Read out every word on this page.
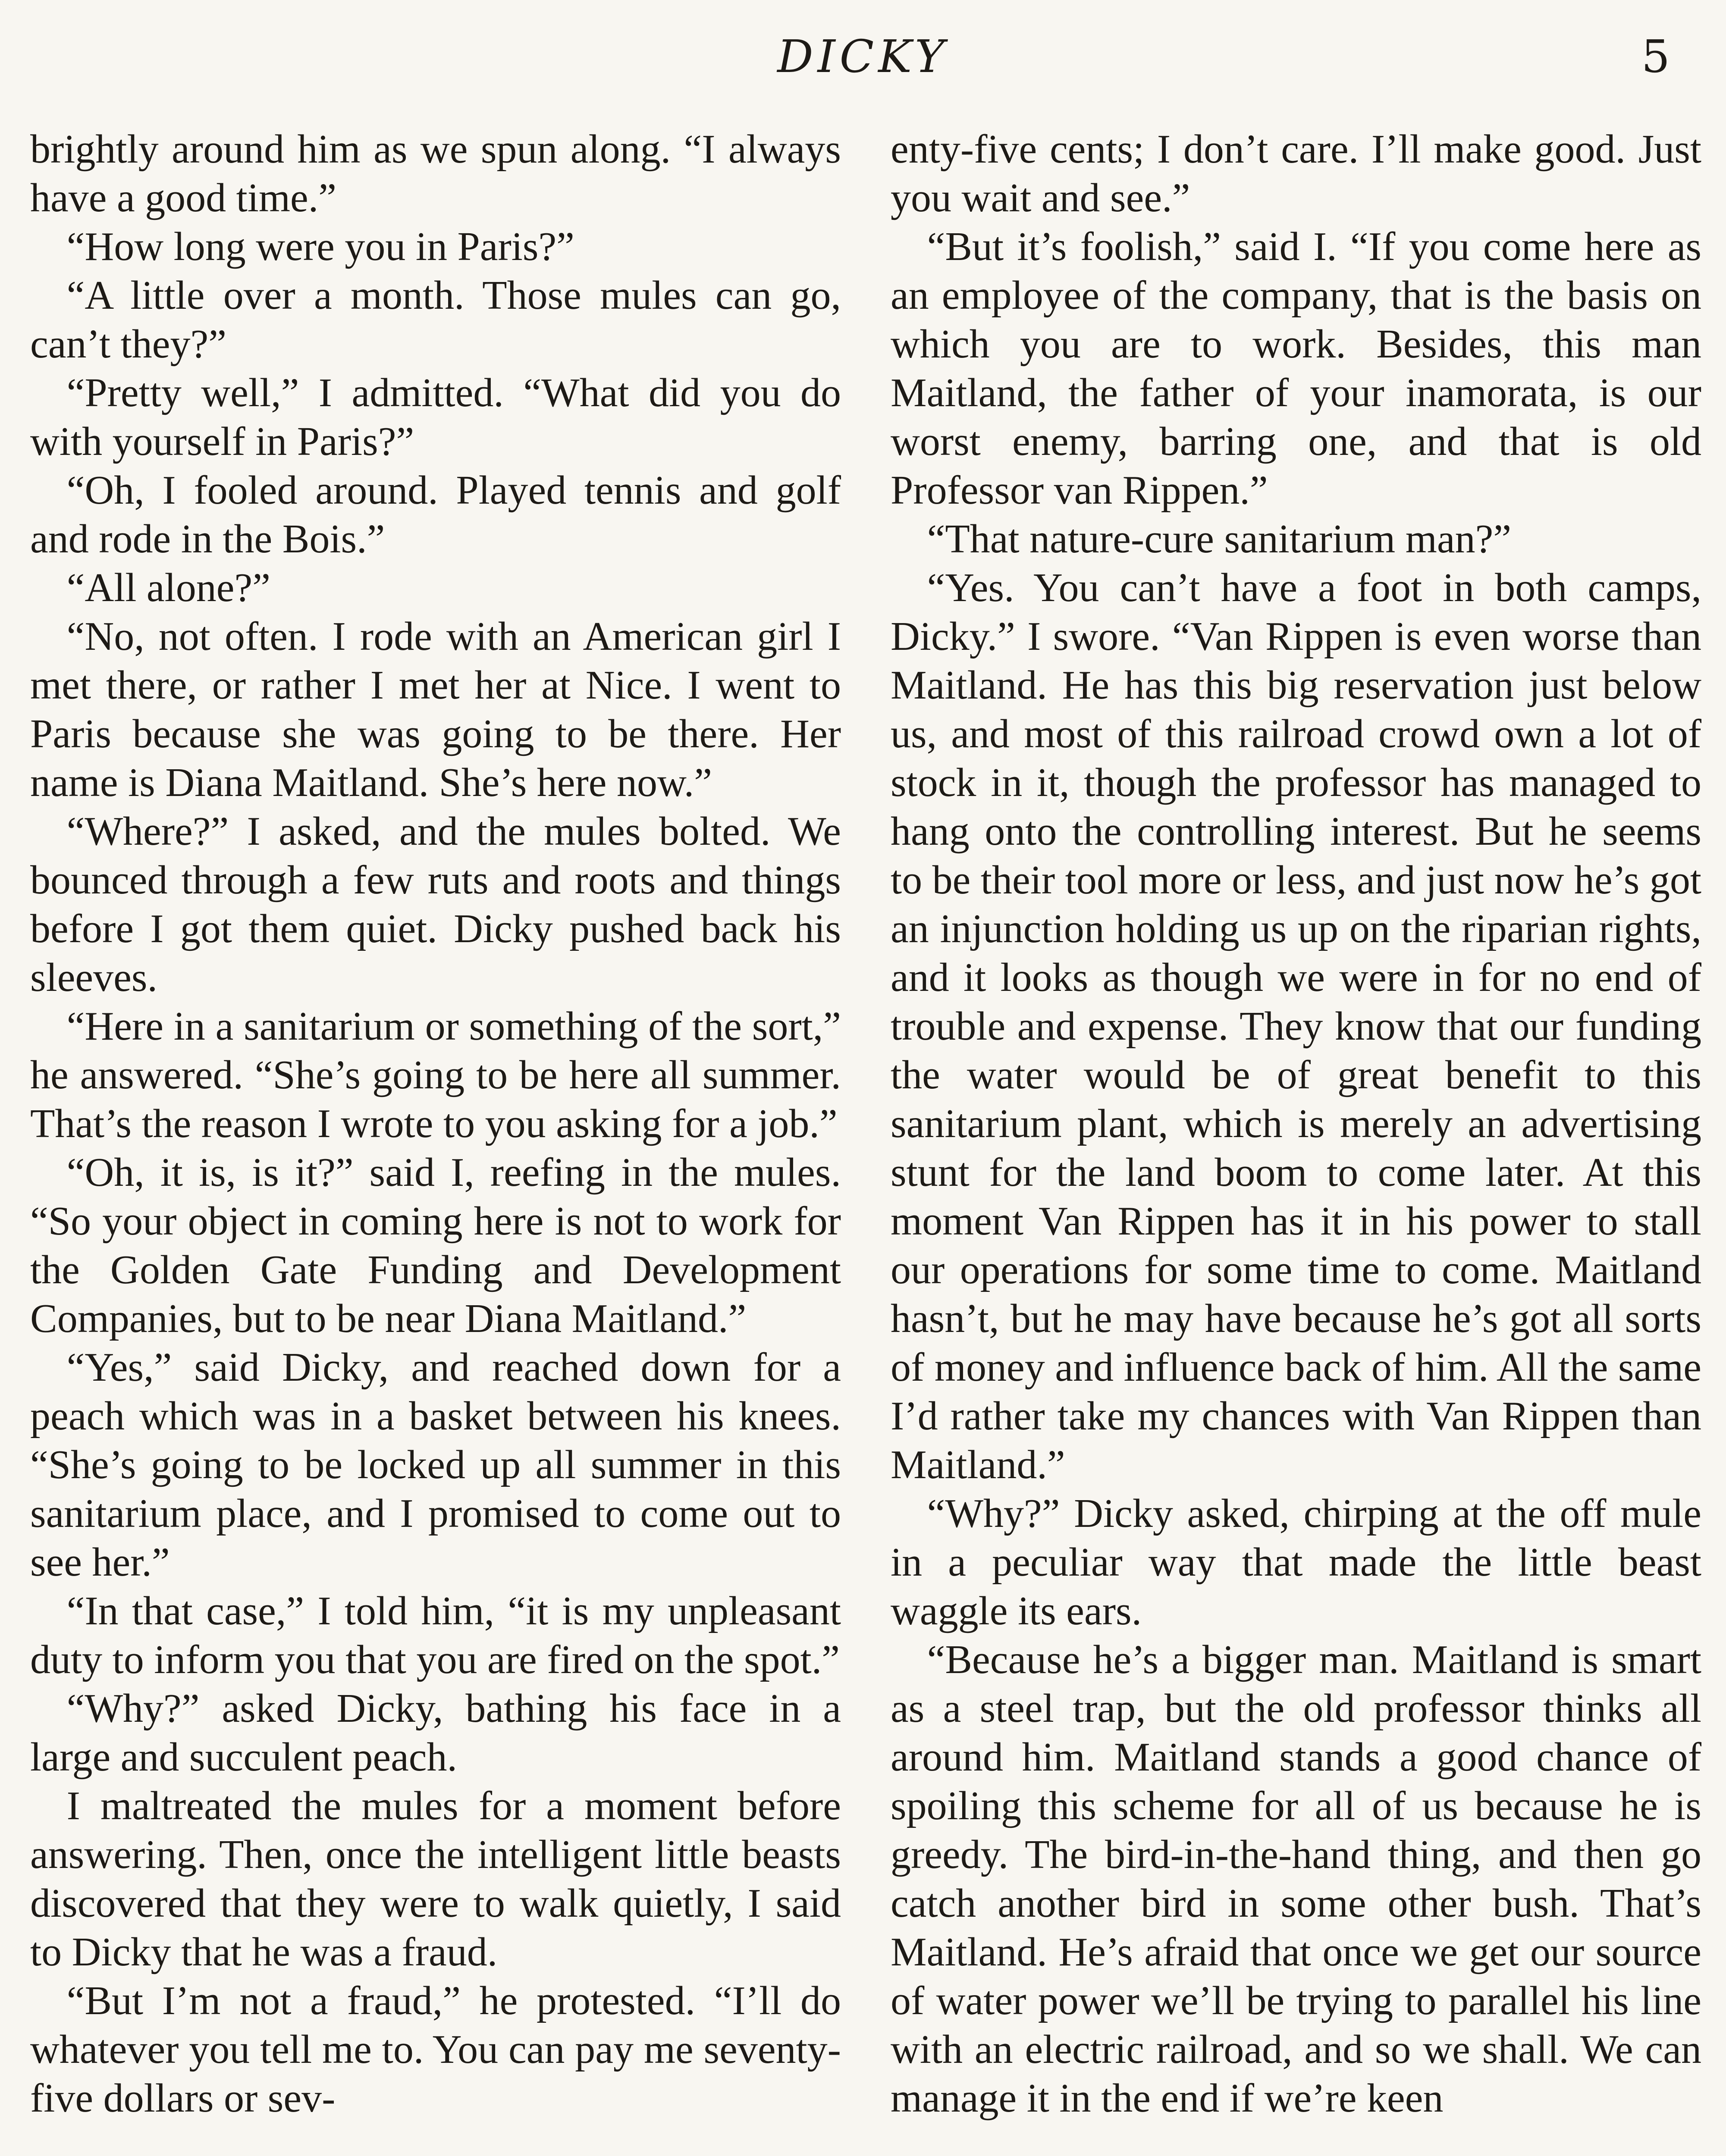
DICKY	5

brightly around him as we spun along. “I always have a good time.”

“How long were you in Paris?”

“A little over a month. Those mules can go, can’t they?”

“Pretty well,” I admitted. “What did you do with yourself in Paris?”

“Oh, I fooled around. Played tennis and golf and rode in the Bois.”

“All alone?”

“No, not often. I rode with an American girl I met there, or rather I met her at Nice. I went to Paris because she was going to be there. Her name is Diana Maitland. She’s here now.”

“Where?” I asked, and the mules bolted. We bounced through a few ruts and roots and things before I got them quiet. Dicky pushed back his sleeves.

“Here in a sanitarium or something of the sort,” he answered. “She’s going to be here all summer. That’s the reason I wrote to you asking for a job.”

“Oh, it is, is it?” said I, reefing in the mules. “So your object in coming here is not to work for the Golden Gate Funding and Development Companies, but to be near Diana Maitland.”

“Yes,” said Dicky, and reached down for a peach which was in a basket between his knees. “She’s going to be locked up all summer in this sanitarium place, and I promised to come out to see her.”

“In that case,” I told him, “it is my unpleasant duty to inform you that you are fired on the spot.”

“Why?” asked Dicky, bathing his face in a large and succulent peach.

I maltreated the mules for a moment before answering. Then, once the intelligent little beasts discovered that they were to walk quietly, I said to Dicky that he was a fraud.

“But I’m not a fraud,” he protested. “I’ll do whatever you tell me to. You can pay me seventy-five dollars or sev-

enty-five cents; I don’t care. I’ll make good. Just you wait and see.”

“But it’s foolish,” said I. “If you come here as an employee of the company, that is the basis on which you are to work. Besides, this man Maitland, the father of your inamorata, is our worst enemy, barring one, and that is old Professor van Rippen.”

“That nature-cure sanitarium man?”

“Yes. You can’t have a foot in both camps, Dicky.” I swore. “Van Rippen is even worse than Maitland. He has this big reservation just below us, and most of this railroad crowd own a lot of stock in it, though the professor has managed to hang onto the controlling interest. But he seems to be their tool more or less, and just now he’s got an injunction holding us up on the riparian rights, and it looks as though we were in for no end of trouble and expense. They know that our funding the water would be of great benefit to this sanitarium plant, which is merely an advertising stunt for the land boom to come later. At this moment Van Rippen has it in his power to stall our operations for some time to come. Maitland hasn’t, but he may have because he’s got all sorts of money and influence back of him. All the same I’d rather take my chances with Van Rippen than Maitland.”

“Why?” Dicky asked, chirping at the off mule in a peculiar way that made the little beast waggle its ears.

“Because he’s a bigger man. Maitland is smart as a steel trap, but the old professor thinks all around him. Maitland stands a good chance of spoiling this scheme for all of us because he is greedy. The bird-in-the-hand thing, and then go catch another bird in some other bush. That’s Maitland. He’s afraid that once we get our source of water power we’ll be trying to parallel his line with an electric railroad, and so we shall. We can manage it in the end if we’re keen
